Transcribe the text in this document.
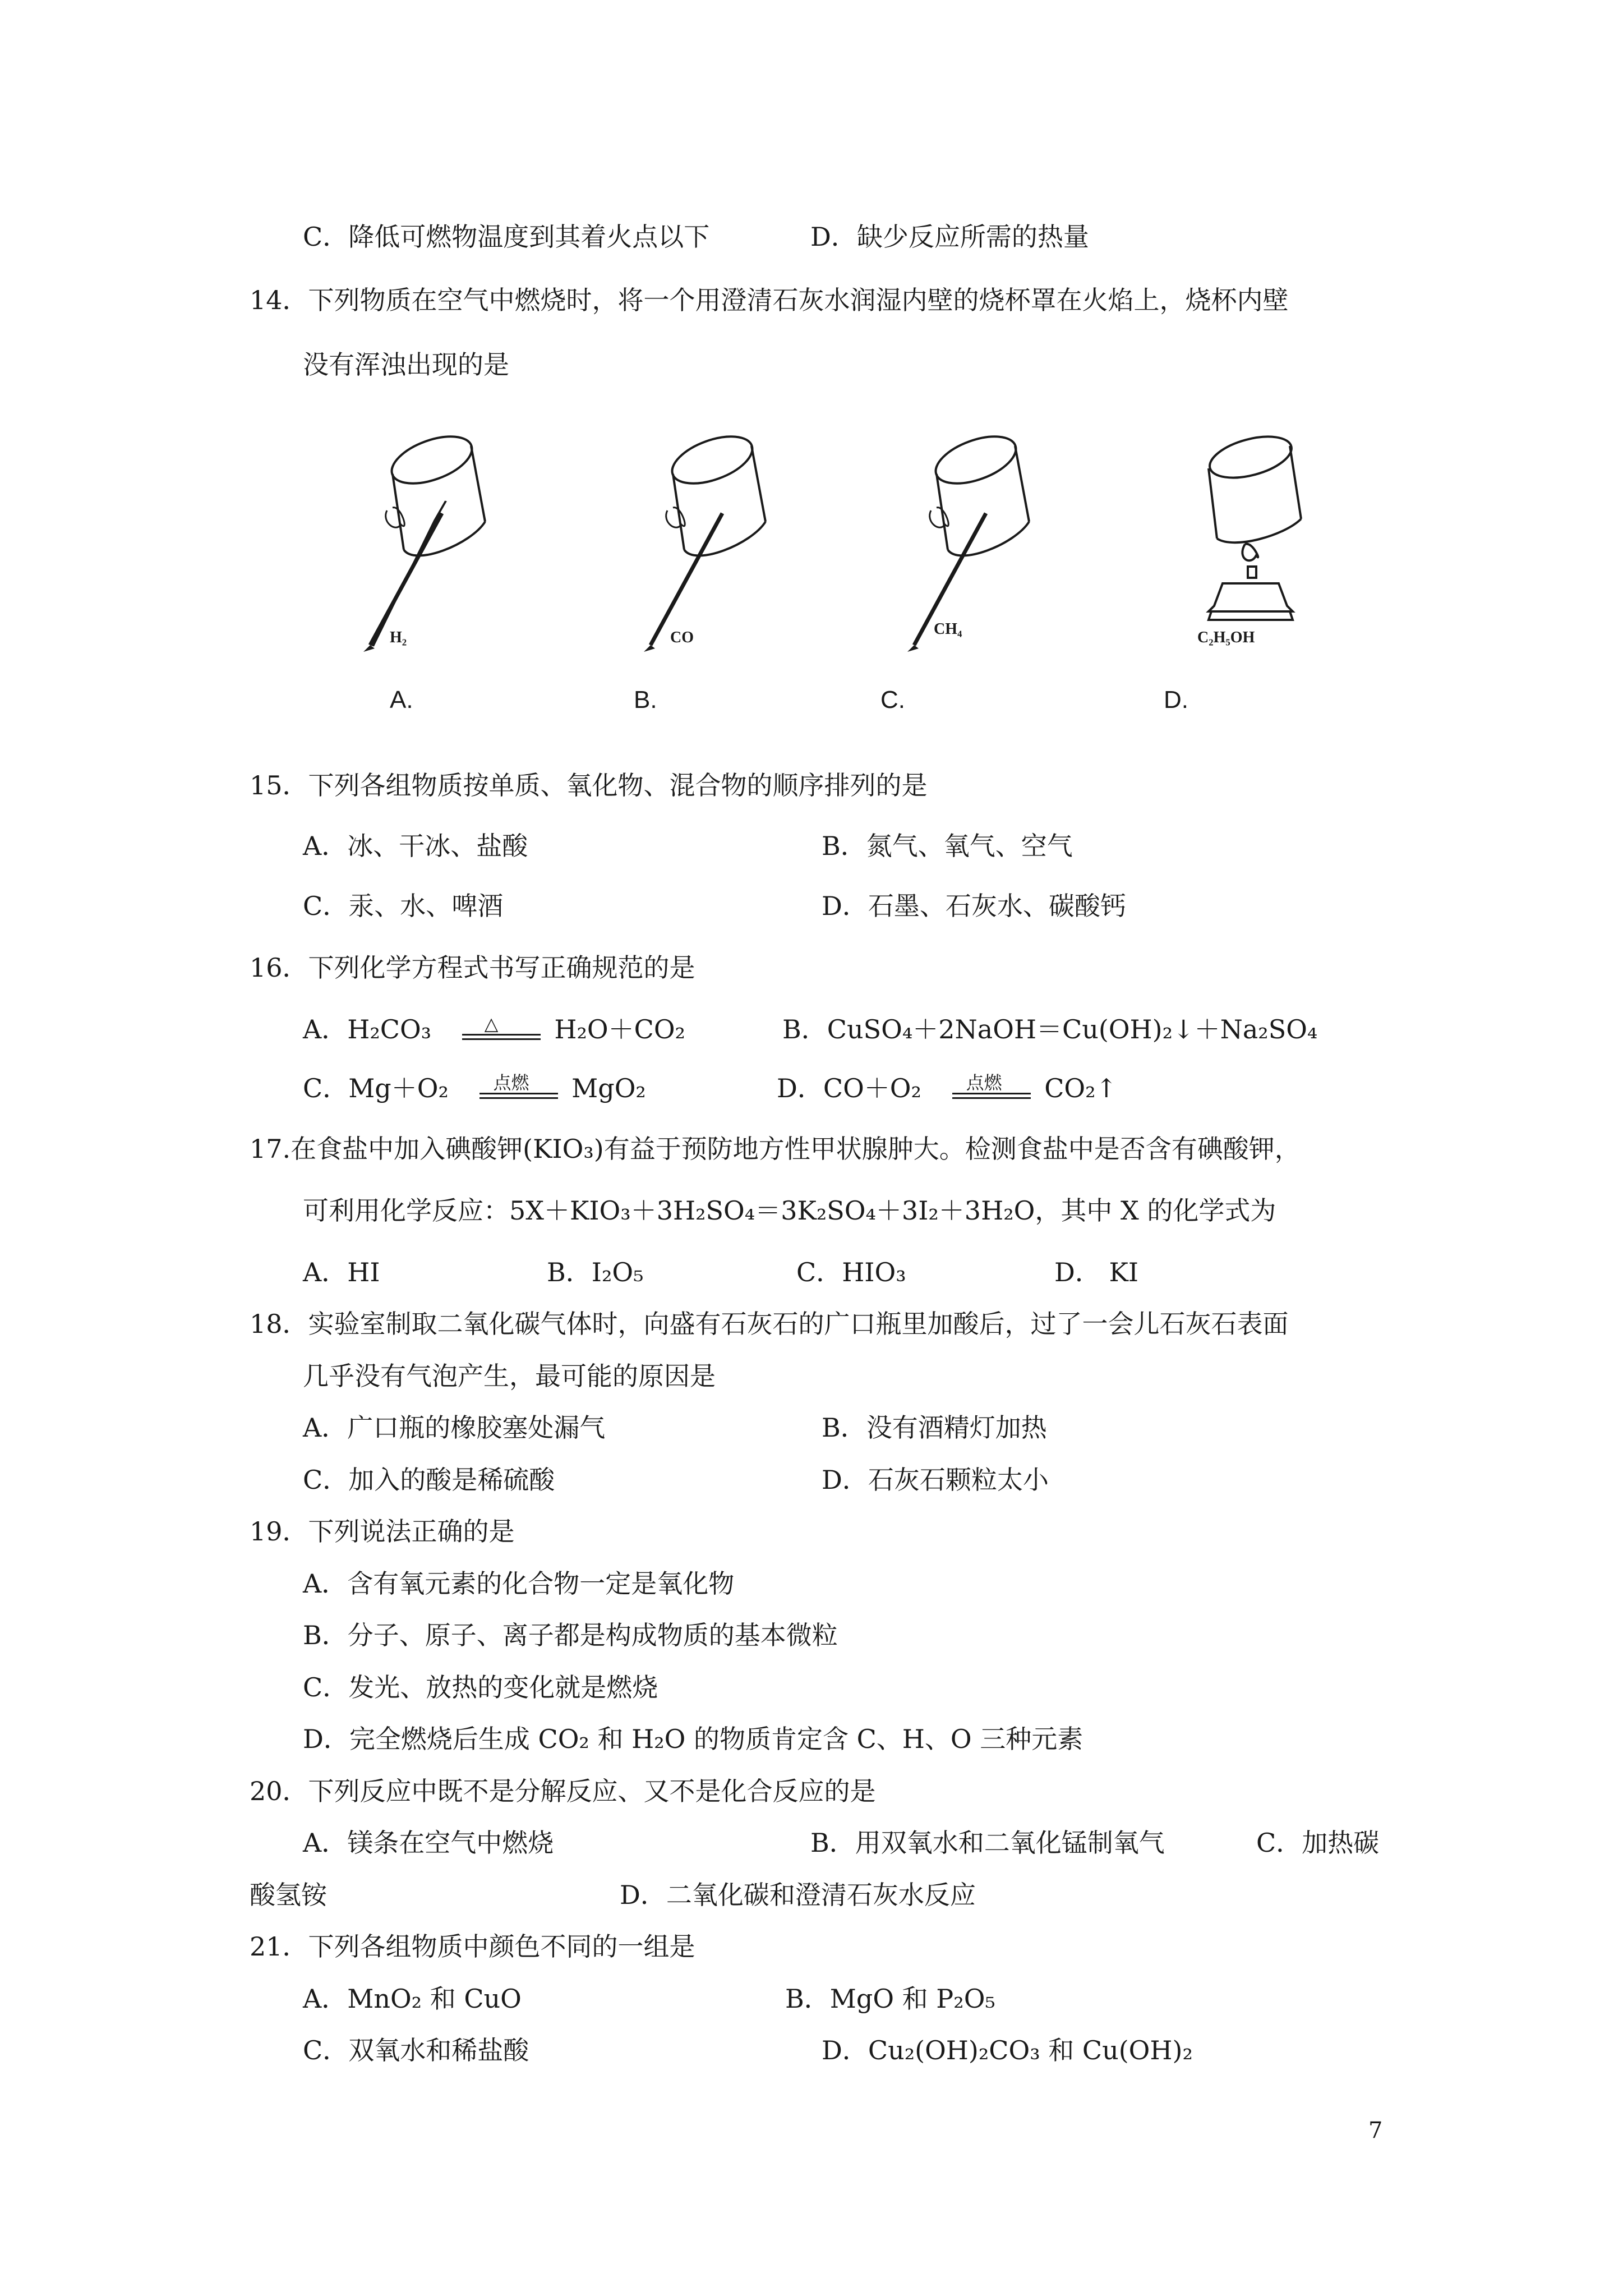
C．降低可燃物温度到其着火点以下	D．缺少反应所需的热量
14．下列物质在空气中燃烧时，将一个用澄清石灰水润湿内壁的烧杯罩在火焰上，烧杯内壁
没有浑浊出现的是
H₂
A.
CO
B.
CH₄
C.
C₂H₅OH
D.
15．下列各组物质按单质、氧化物、混合物的顺序排列的是
A．冰、干冰、盐酸	B．氮气、氧气、空气
C．汞、水、啤酒	D．石墨、石灰水、碳酸钙
16．下列化学方程式书写正确规范的是
A．H₂CO₃	△ H₂O＋CO₂	B．CuSO₄＋2NaOH＝Cu(OH)₂↓＋Na₂SO₄
C．Mg＋O₂ 点燃 MgO₂	D．CO＋O₂ 点燃 CO₂↑
17.在食盐中加入碘酸钾(KIO₃)有益于预防地方性甲状腺肿大。检测食盐中是否含有碘酸钾，
可利用化学反应：5X＋KIO₃＋3H₂SO₄＝3K₂SO₄＋3I₂＋3H₂O，其中 X 的化学式为
A．HI	B．I₂O₅	C．HIO₃	D． KI
18．实验室制取二氧化碳气体时，向盛有石灰石的广口瓶里加酸后，过了一会儿石灰石表面
几乎没有气泡产生，最可能的原因是
A．广口瓶的橡胶塞处漏气	B．没有酒精灯加热
C．加入的酸是稀硫酸	D．石灰石颗粒太小
19．下列说法正确的是
A．含有氧元素的化合物一定是氧化物
B．分子、原子、离子都是构成物质的基本微粒
C．发光、放热的变化就是燃烧
D．完全燃烧后生成 CO₂ 和 H₂O 的物质肯定含 C、H、O 三种元素
20．下列反应中既不是分解反应、又不是化合反应的是
A．镁条在空气中燃烧	B．用双氧水和二氧化锰制氧气	C．加热碳
酸氢铵	D．二氧化碳和澄清石灰水反应
21．下列各组物质中颜色不同的一组是
A．MnO₂ 和 CuO	B．MgO 和 P₂O₅
C．双氧水和稀盐酸	D．Cu₂(OH)₂CO₃ 和 Cu(OH)₂
7
